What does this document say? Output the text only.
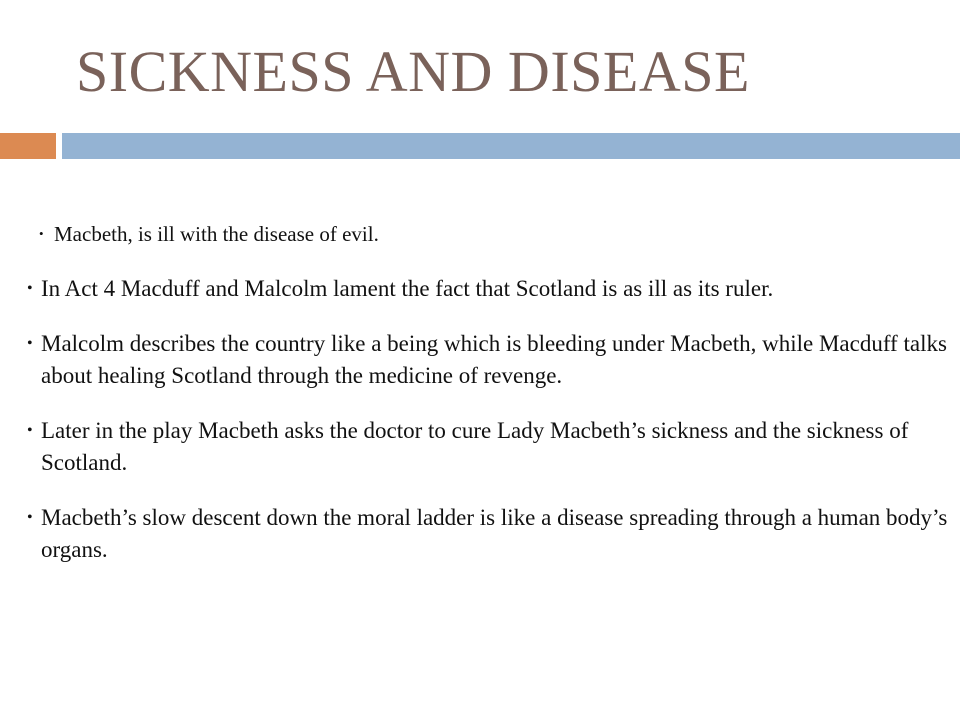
SICKNESS AND DISEASE
• Macbeth, is ill with the disease of evil.
• In Act 4 Macduff and Malcolm lament the fact that Scotland is as ill as its ruler.
• Malcolm describes the country like a being which is bleeding under Macbeth, while Macduff talks about healing Scotland through the medicine of revenge.
• Later in the play Macbeth asks the doctor to cure Lady Macbeth’s sickness and the sickness of Scotland.
• Macbeth’s slow descent down the moral ladder is like a disease spreading through a human body’s organs.
